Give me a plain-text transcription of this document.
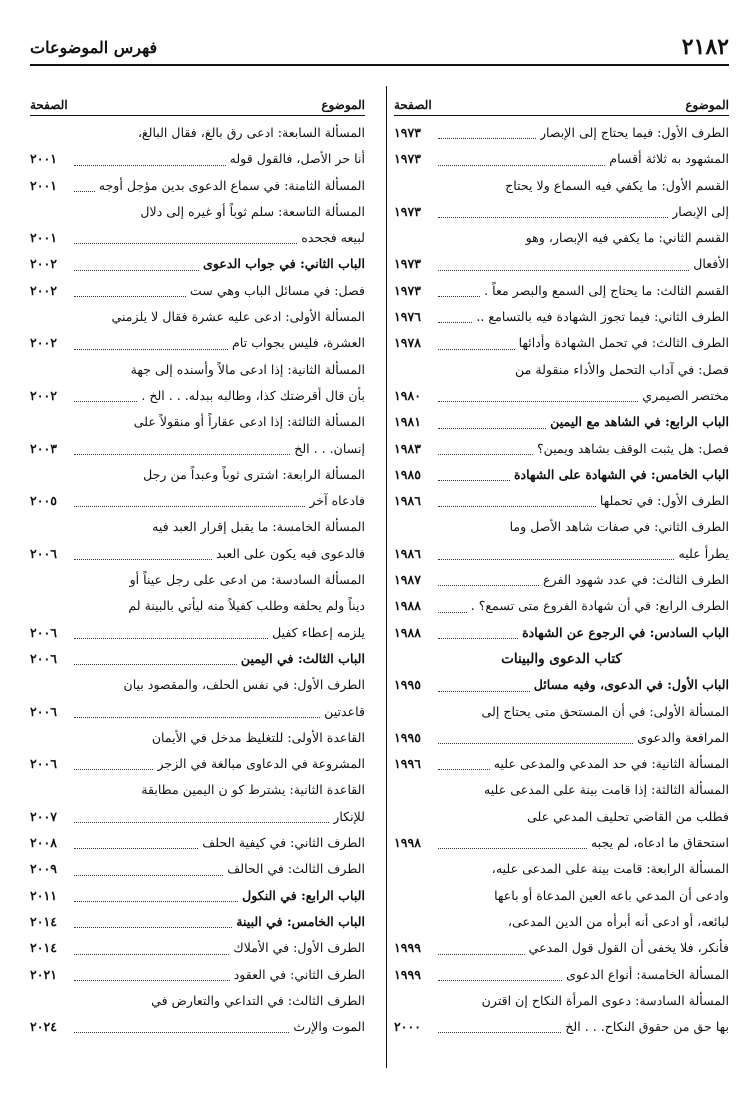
٢١٨٢
فهرس الموضوعات
الموضوع
الصفحة
الطرف الأول: فيما يحتاج إلى الإبصار
١٩٧٣
المشهود به ثلاثة أقسام
١٩٧٣
القسم الأول: ما يكفي فيه السماع ولا يحتاج
إلى الإبصار
١٩٧٣
القسم الثاني: ما يكفي فيه الإبصار، وهو
الأفعال
١٩٧٣
القسم الثالث: ما يحتاج إلى السمع والبصر معاً .
١٩٧٣
الطرف الثاني: فيما تجوز الشهادة فيه بالتسامع ..
١٩٧٦
الطرف الثالث: في تحمل الشهادة وأدائها
١٩٧٨
فصل: في آداب التحمل والأداء منقولة من
مختصر الصيمري
١٩٨٠
الباب الرابع: في الشاهد مع اليمين
١٩٨١
فصل: هل يثبت الوقف بشاهد ويمين؟
١٩٨٣
الباب الخامس: في الشهادة على الشهادة
١٩٨٥
الطرف الأول: في تحملها
١٩٨٦
الطرف الثاني: في صفات شاهد الأصل وما
يطرأ عليه
١٩٨٦
الطرف الثالث: في عدد شهود الفرع
١٩٨٧
الطرف الرابع: في أن شهادة الفروع متى تسمع؟ .
١٩٨٨
الباب السادس: في الرجوع عن الشهادة
١٩٨٨
كتاب الدعوى والبينات
الباب الأول: في الدعوى، وفيه مسائل
١٩٩٥
المسألة الأولى: في أن المستحق متى يحتاج إلى
المرافعة والدعوى
١٩٩٥
المسألة الثانية: في حد المدعي والمدعى عليه
١٩٩٦
المسألة الثالثة: إذا قامت بينة على المدعى عليه
فطلب من القاضي تحليف المدعي على
استحقاق ما ادعاه، لم يجبه
١٩٩٨
المسألة الرابعة: قامت بينة على المدعى عليه،
وادعى أن المدعي باعه العين المدعاة أو باعها
لبائعه، أو ادعى أنه أبرأه من الدين المدعى،
فأنكر، فلا يخفى أن القول قول المدعي
١٩٩٩
المسألة الخامسة: أنواع الدعوى
١٩٩٩
المسألة السادسة: دعوى المرأة النكاح إن اقترن
بها حق من حقوق النكاح. . . الخ
٢٠٠٠
الموضوع
الصفحة
المسألة السابعة: ادعى رق بالغ، فقال البالغ،
أنا حر الأصل، فالقول قوله
٢٠٠١
المسألة الثامنة: في سماع الدعوى بدين مؤجل أوجه
٢٠٠١
المسألة التاسعة: سلم ثوباً أو غيره إلى دلال
لبيعه فجحده
٢٠٠١
الباب الثاني: في جواب الدعوى
٢٠٠٢
فصل: في مسائل الباب وهي ست
٢٠٠٢
المسألة الأولى: ادعى عليه عشرة فقال لا يلزمني
العشرة، فليس بجواب تام
٢٠٠٢
المسألة الثانية: إذا ادعى مالاً وأسنده إلى جهة
بأن قال أقرضتك كذا، وطالبه ببدله. . . الخ .
٢٠٠٢
المسألة الثالثة: إذا ادعى عقاراً أو منقولاً على
إنسان. . . الخ
٢٠٠٣
المسألة الرابعة: اشترى ثوباً وعبداً من رجل
فادعاه آخر
٢٠٠٥
المسألة الخامسة: ما يقبل إقرار العبد فيه
فالدعوى فيه يكون على العبد
٢٠٠٦
المسألة السادسة: من ادعى على رجل عيناً أو
ديناً ولم يحلفه وطلب كفيلاً منه ليأتي بالبينة لم
يلزمه إعطاء كفيل
٢٠٠٦
الباب الثالث: في اليمين
٢٠٠٦
الطرف الأول: في نفس الحلف، والمقصود بيان
قاعدتين
٢٠٠٦
القاعدة الأولى: للتغليظ مدخل في الأيمان
المشروعة في الدعاوى مبالغة في الزجر
٢٠٠٦
القاعدة الثانية: يشترط كو ن اليمين مطابقة
للإنكار
٢٠٠٧
الطرف الثاني: في كيفية الحلف
٢٠٠٨
الطرف الثالث: في الحالف
٢٠٠٩
الباب الرابع: في النكول
٢٠١١
الباب الخامس: في البينة
٢٠١٤
الطرف الأول: في الأملاك
٢٠١٤
الطرف الثاني: في العقود
٢٠٢١
الطرف الثالث: في التداعي والتعارض في
الموت والإرث
٢٠٢٤
